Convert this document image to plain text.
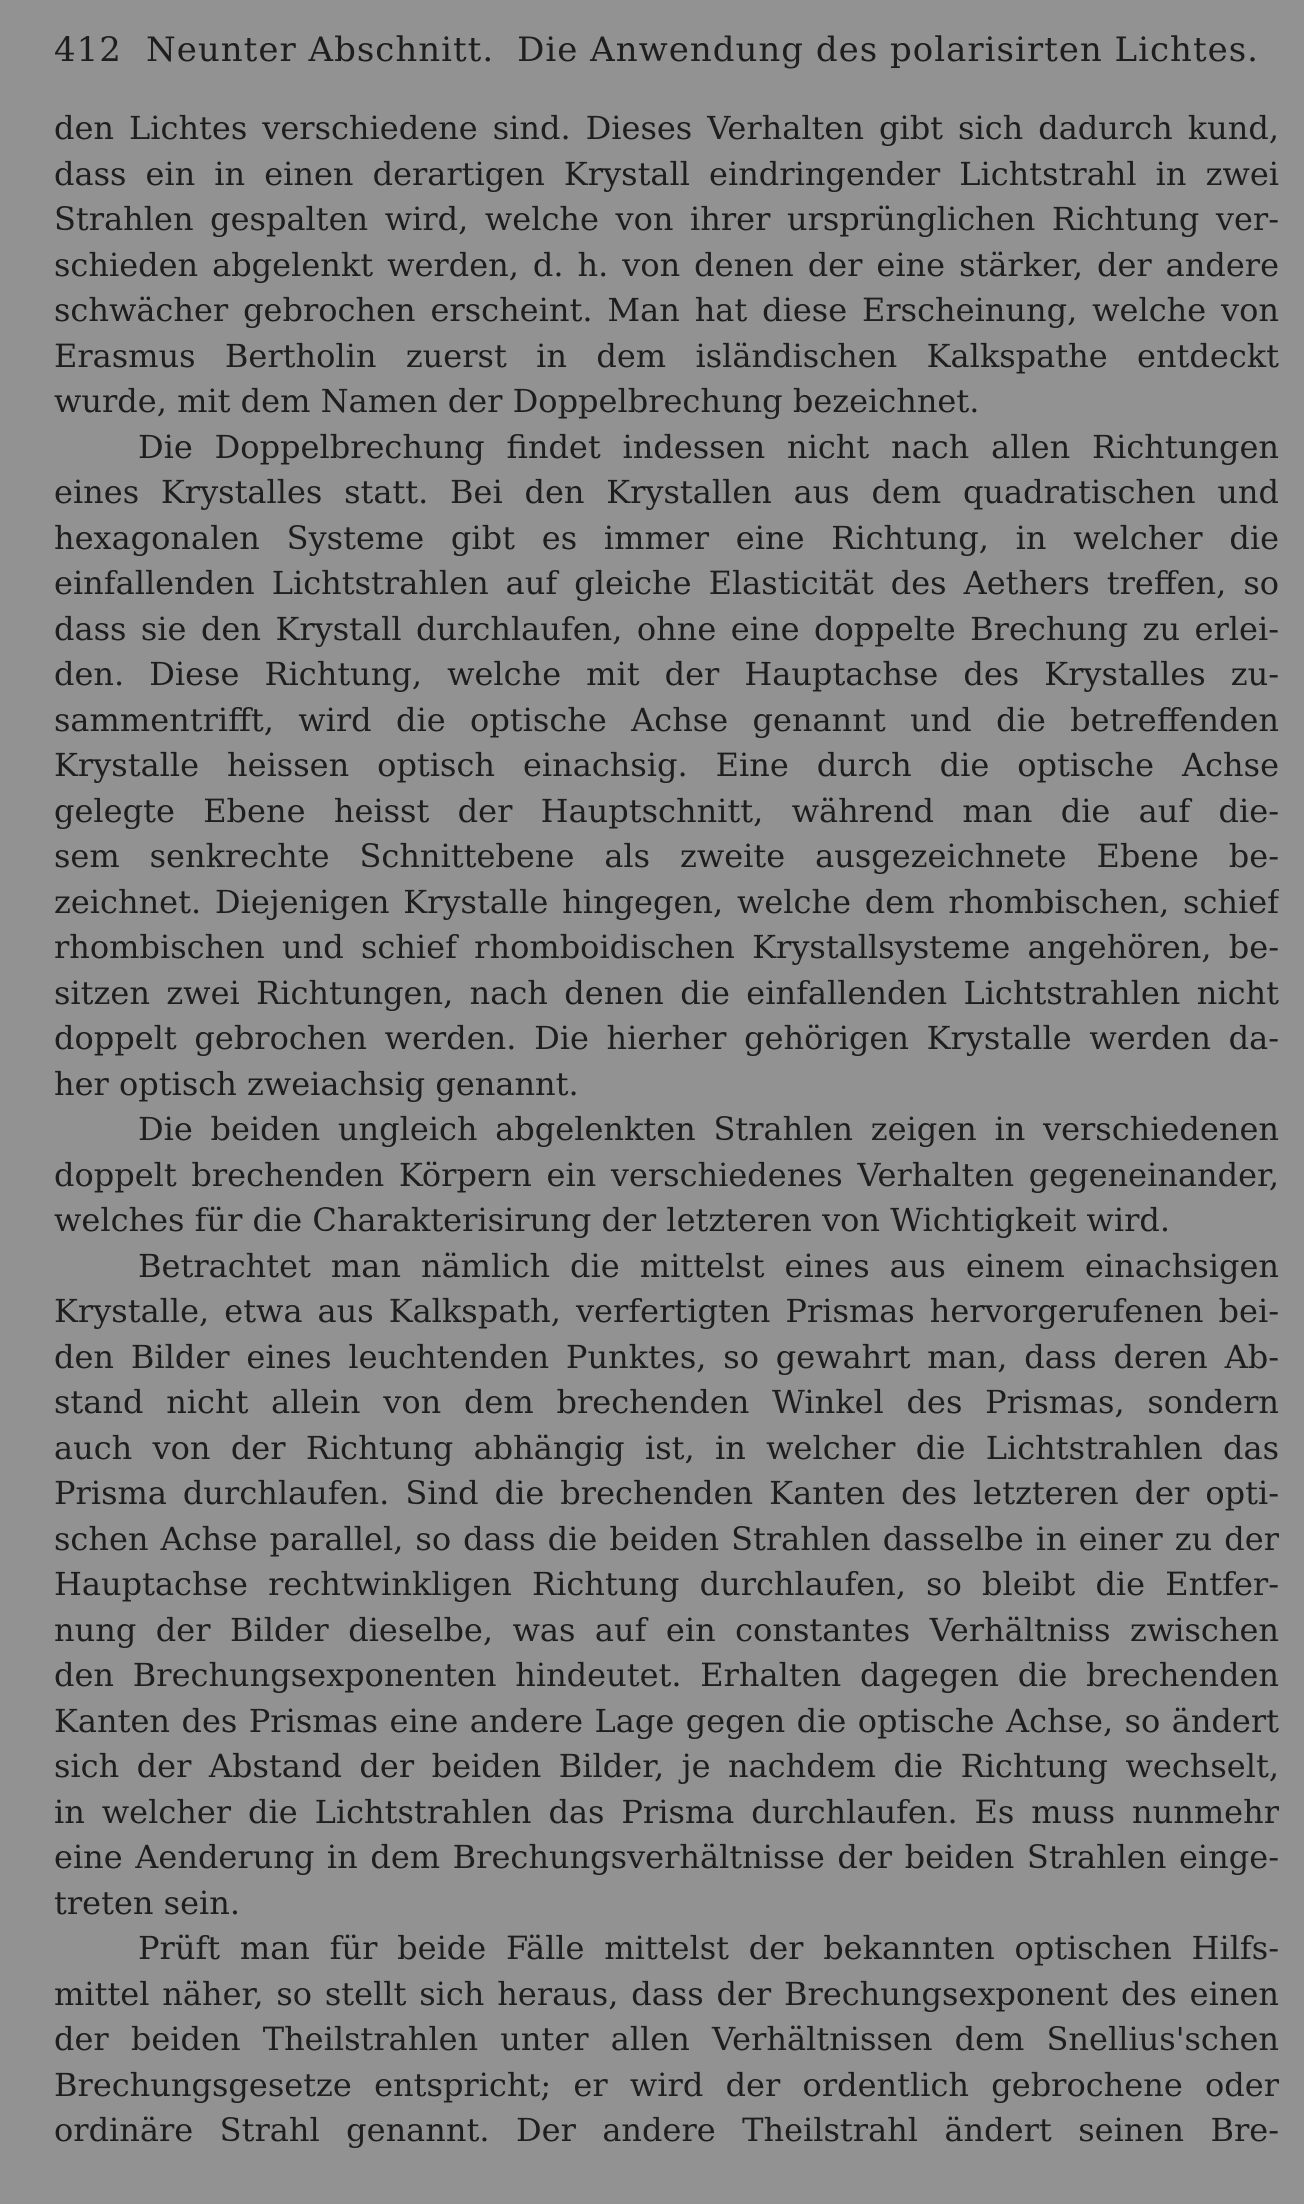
412 Neunter Abschnitt. Die Anwendung des polarisirten Lichtes.
den Lichtes verschiedene sind. Dieses Verhalten gibt sich dadurch kund,
dass ein in einen derartigen Krystall eindringender Lichtstrahl in zwei
Strahlen gespalten wird, welche von ihrer ursprünglichen Richtung ver-
schieden abgelenkt werden, d. h. von denen der eine stärker, der andere
schwächer gebrochen erscheint. Man hat diese Erscheinung, welche von
Erasmus Bertholin zuerst in dem isländischen Kalkspathe entdeckt
wurde, mit dem Namen der Doppelbrechung bezeichnet.
Die Doppelbrechung findet indessen nicht nach allen Richtungen
eines Krystalles statt. Bei den Krystallen aus dem quadratischen und
hexagonalen Systeme gibt es immer eine Richtung, in welcher die
einfallenden Lichtstrahlen auf gleiche Elasticität des Aethers treffen, so
dass sie den Krystall durchlaufen, ohne eine doppelte Brechung zu erlei-
den. Diese Richtung, welche mit der Hauptachse des Krystalles zu-
sammentrifft, wird die optische Achse genannt und die betreffenden
Krystalle heissen optisch einachsig. Eine durch die optische Achse
gelegte Ebene heisst der Hauptschnitt, während man die auf die-
sem senkrechte Schnittebene als zweite ausgezeichnete Ebene be-
zeichnet. Diejenigen Krystalle hingegen, welche dem rhombischen, schief
rhombischen und schief rhomboidischen Krystallsysteme angehören, be-
sitzen zwei Richtungen, nach denen die einfallenden Lichtstrahlen nicht
doppelt gebrochen werden. Die hierher gehörigen Krystalle werden da-
her optisch zweiachsig genannt.
Die beiden ungleich abgelenkten Strahlen zeigen in verschiedenen
doppelt brechenden Körpern ein verschiedenes Verhalten gegeneinander,
welches für die Charakterisirung der letzteren von Wichtigkeit wird.
Betrachtet man nämlich die mittelst eines aus einem einachsigen
Krystalle, etwa aus Kalkspath, verfertigten Prismas hervorgerufenen bei-
den Bilder eines leuchtenden Punktes, so gewahrt man, dass deren Ab-
stand nicht allein von dem brechenden Winkel des Prismas, sondern
auch von der Richtung abhängig ist, in welcher die Lichtstrahlen das
Prisma durchlaufen. Sind die brechenden Kanten des letzteren der opti-
schen Achse parallel, so dass die beiden Strahlen dasselbe in einer zu der
Hauptachse rechtwinkligen Richtung durchlaufen, so bleibt die Entfer-
nung der Bilder dieselbe, was auf ein constantes Verhältniss zwischen
den Brechungsexponenten hindeutet. Erhalten dagegen die brechenden
Kanten des Prismas eine andere Lage gegen die optische Achse, so ändert
sich der Abstand der beiden Bilder, je nachdem die Richtung wechselt,
in welcher die Lichtstrahlen das Prisma durchlaufen. Es muss nunmehr
eine Aenderung in dem Brechungsverhältnisse der beiden Strahlen einge-
treten sein.
Prüft man für beide Fälle mittelst der bekannten optischen Hilfs-
mittel näher, so stellt sich heraus, dass der Brechungsexponent des einen
der beiden Theilstrahlen unter allen Verhältnissen dem Snellius'schen
Brechungsgesetze entspricht; er wird der ordentlich gebrochene oder
ordinäre Strahl genannt. Der andere Theilstrahl ändert seinen Bre-
